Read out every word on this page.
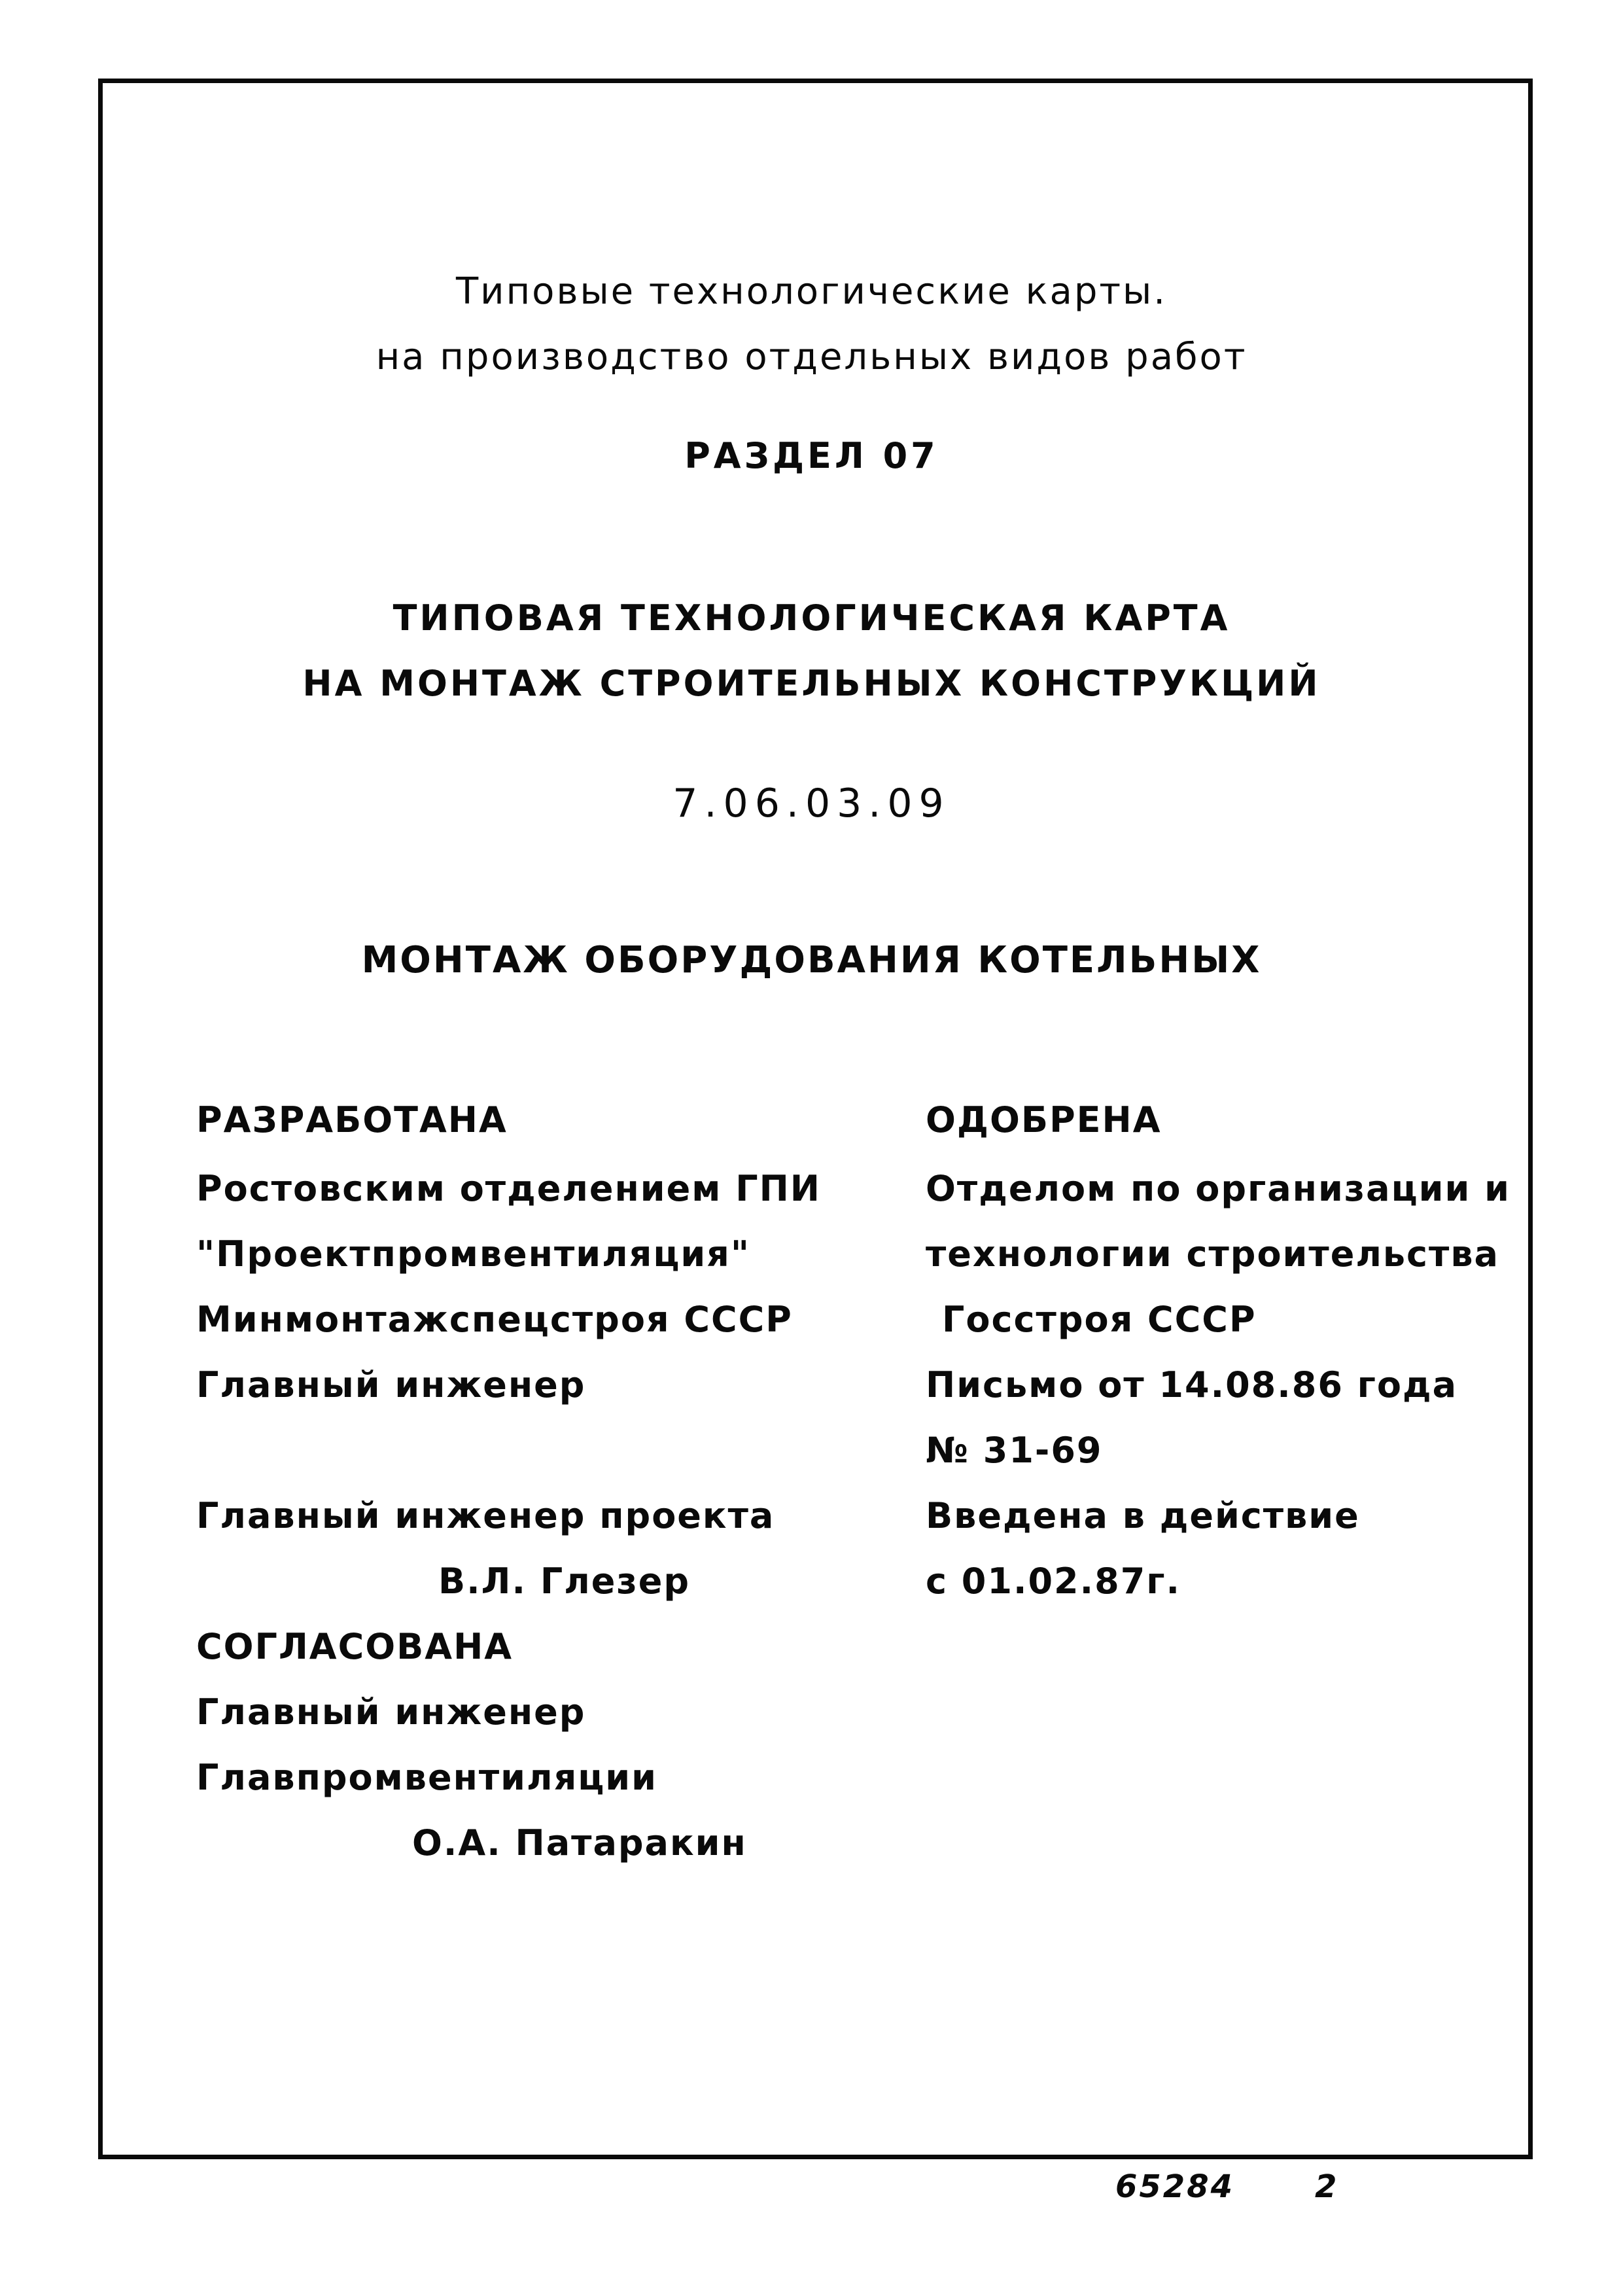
Типовые технологические карты.
на производство отдельных видов работ
РАЗДЕЛ 07
ТИПОВАЯ ТЕХНОЛОГИЧЕСКАЯ КАРТА
НА МОНТАЖ СТРОИТЕЛЬНЫХ КОНСТРУКЦИЙ
7.06.03.09
МОНТАЖ ОБОРУДОВАНИЯ КОТЕЛЬНЫХ
РАЗРАБОТАНА
Ростовским отделением ГПИ
"Проектпромвентиляция"
Минмонтажспецстроя СССР
Главный инженер
Главный инженер проекта
В.Л. Глезер
СОГЛАСОВАНА
Главный инженер
Главпромвентиляции
О.А. Патаракин
ОДОБРЕНА
Отделом по организации и
технологии строительства
Госстроя СССР
Письмо от 14.08.86 года
№ 31-69
Введена в действие
с 01.02.87г.
65284	2
